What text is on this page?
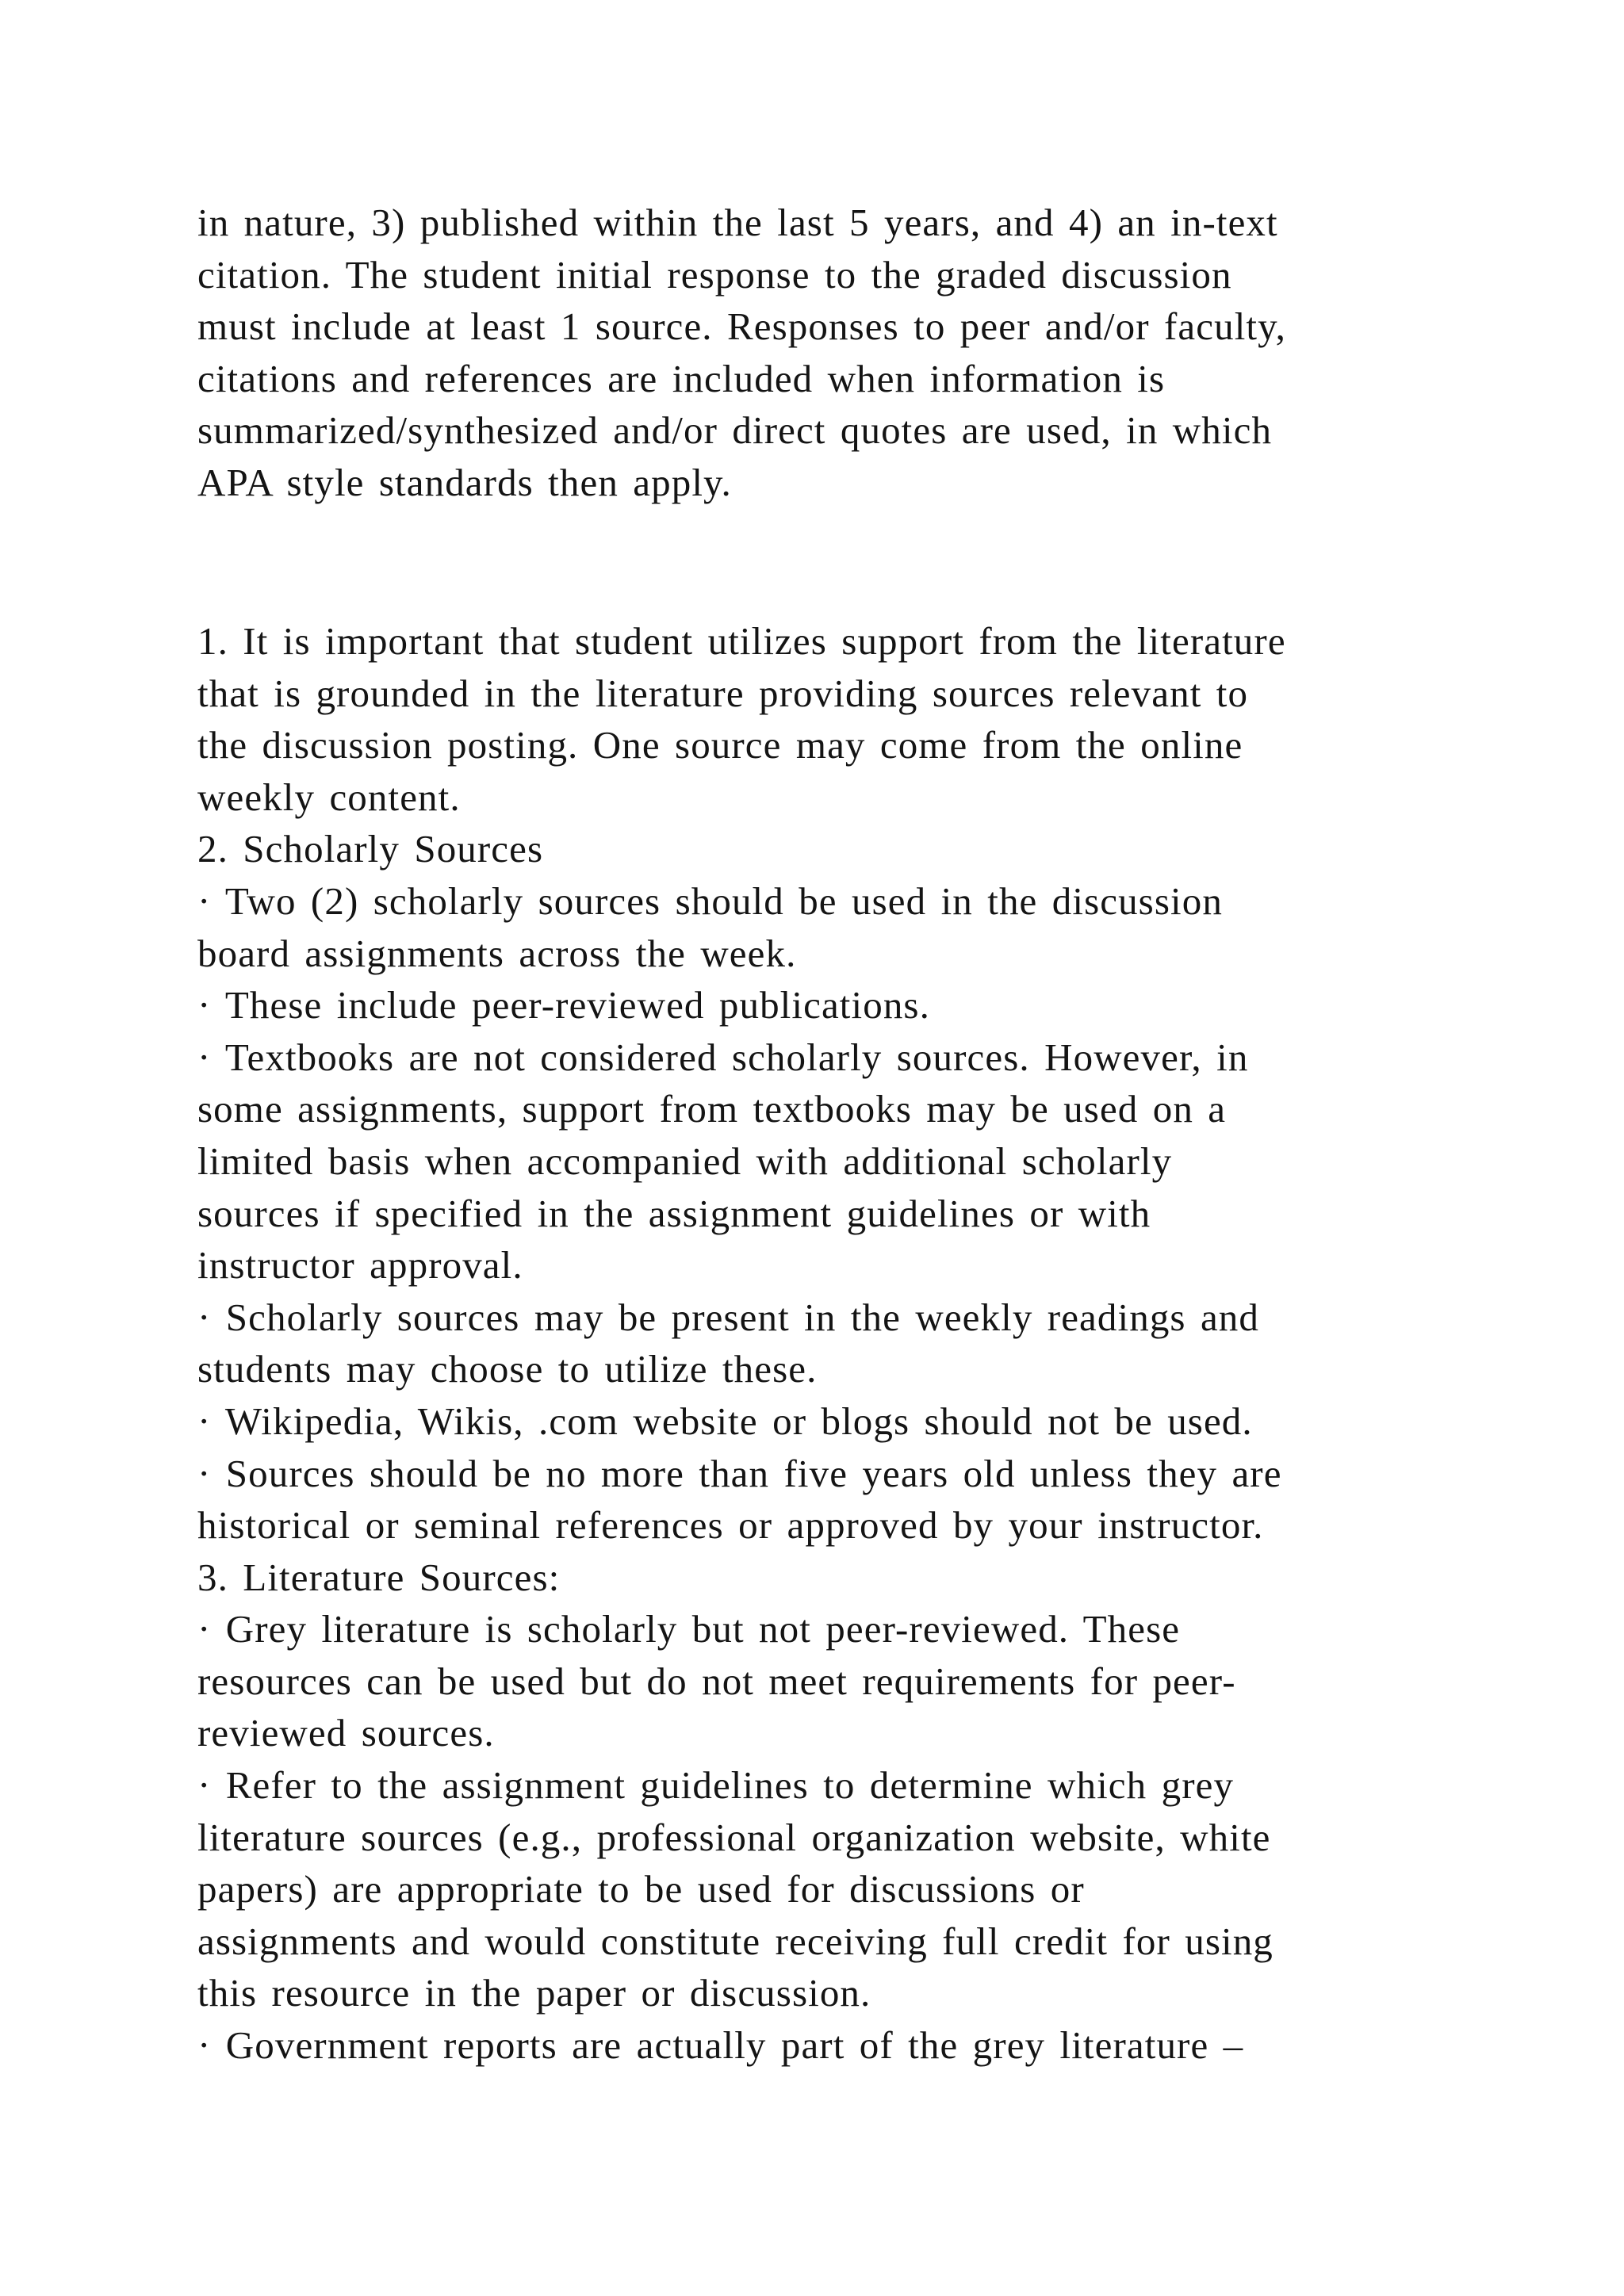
in nature, 3) published within the last 5 years, and 4) an in-text
citation. The student initial response to the graded discussion
must include at least 1 source. Responses to peer and/or faculty,
citations and references are included when information is
summarized/synthesized and/or direct quotes are used, in which
APA style standards then apply.
1. It is important that student utilizes support from the literature
that is grounded in the literature providing sources relevant to
the discussion posting. One source may come from the online
weekly content.
2. Scholarly Sources
· Two (2) scholarly sources should be used in the discussion
board assignments across the week.
· These include peer-reviewed publications.
· Textbooks are not considered scholarly sources. However, in
some assignments, support from textbooks may be used on a
limited basis when accompanied with additional scholarly
sources if specified in the assignment guidelines or with
instructor approval.
· Scholarly sources may be present in the weekly readings and
students may choose to utilize these.
· Wikipedia, Wikis, .com website or blogs should not be used.
· Sources should be no more than five years old unless they are
historical or seminal references or approved by your instructor.
3. Literature Sources:
· Grey literature is scholarly but not peer-reviewed. These
resources can be used but do not meet requirements for peer-
reviewed sources.
· Refer to the assignment guidelines to determine which grey
literature sources (e.g., professional organization website, white
papers) are appropriate to be used for discussions or
assignments and would constitute receiving full credit for using
this resource in the paper or discussion.
· Government reports are actually part of the grey literature –
